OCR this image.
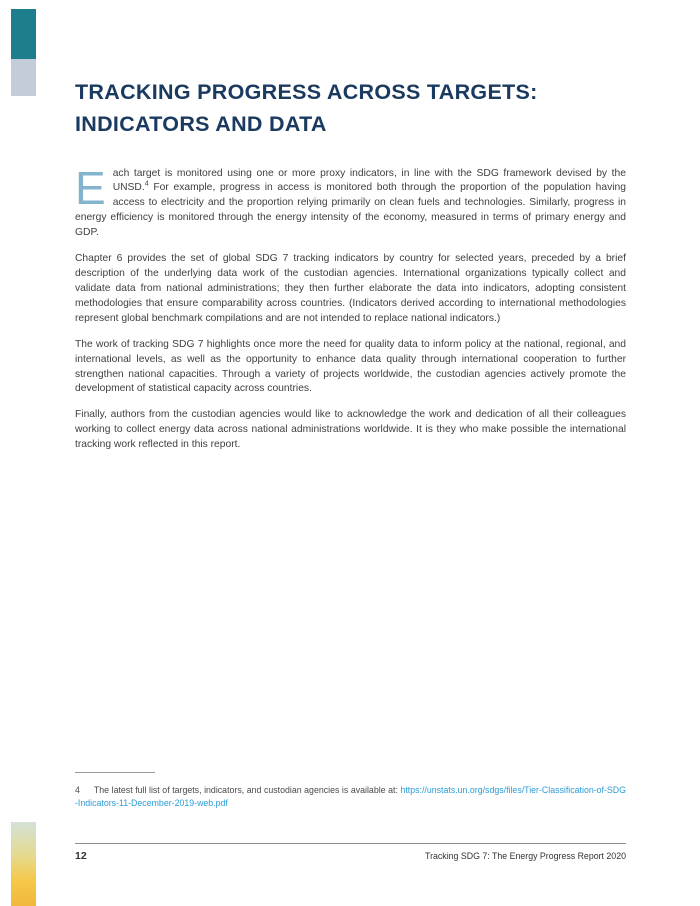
TRACKING PROGRESS ACROSS TARGETS:
INDICATORS AND DATA

Each target is monitored using one or more proxy indicators, in line with the SDG framework devised by the UNSD.$^4$ For example, progress in access is monitored both through the proportion of the population having access to electricity and the proportion relying primarily on clean fuels and technologies. Similarly, progress in energy efficiency is monitored through the energy intensity of the economy, measured in terms of primary energy and GDP.

Chapter 6 provides the set of global SDG 7 tracking indicators by country for selected years, preceded by a brief description of the underlying data work of the custodian agencies. International organizations typically collect and validate data from national administrations; they then further elaborate the data into indicators, adopting consistent methodologies that ensure comparability across countries. (Indicators derived according to international methodologies represent global benchmark compilations and are not intended to replace national indicators.)

The work of tracking SDG 7 highlights once more the need for quality data to inform policy at the national, regional, and international levels, as well as the opportunity to enhance data quality through international cooperation to further strengthen national capacities. Through a variety of projects worldwide, the custodian agencies actively promote the development of statistical capacity across countries.

Finally, authors from the custodian agencies would like to acknowledge the work and dedication of all their colleagues working to collect energy data across national administrations worldwide. It is they who make possible the international tracking work reflected in this report.

4 The latest full list of targets, indicators, and custodian agencies is available at: https://unstats.un.org/sdgs/files/Tier-Classification-of-SDG-Indicators-11-December-2019-web.pdf
12	Tracking SDG 7: The Energy Progress Report 2020
